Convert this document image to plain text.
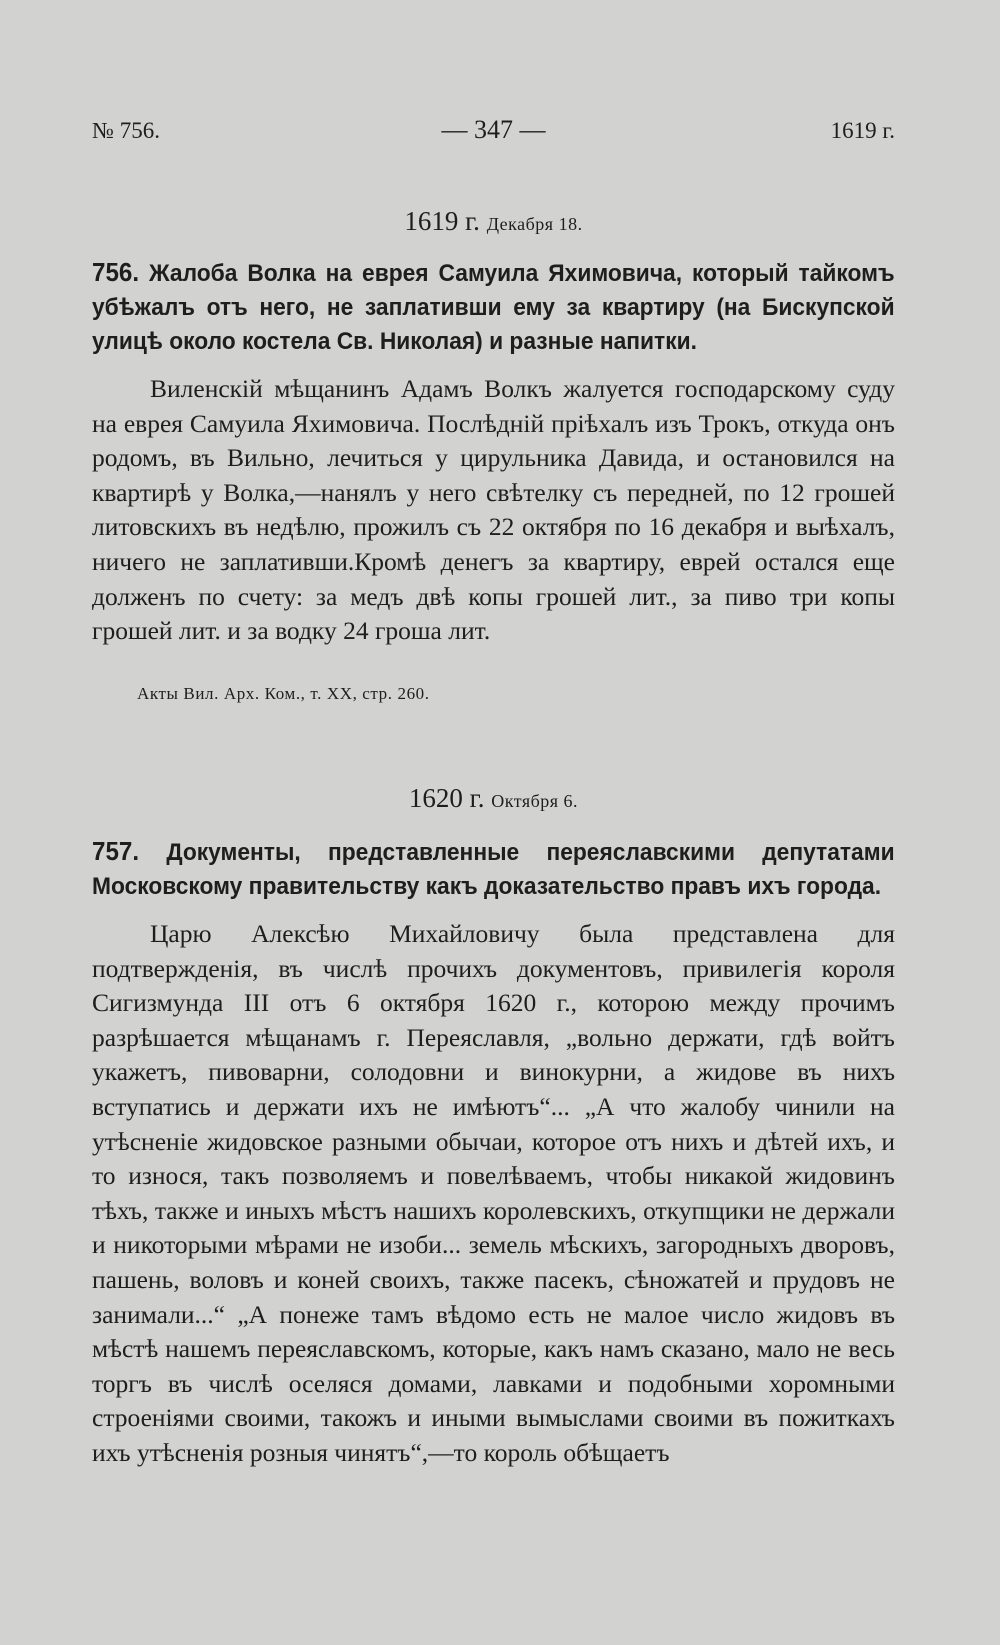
№ 756.	— 347 —	1619 г.
1619 г. Декабря 18.
756. Жалоба Волка на еврея Самуила Яхимовича, который тайкомъ убѣжалъ отъ него, не заплативши ему за квартиру (на Бискупской улицѣ около костела Св. Николая) и разные напитки.

Виленскій мѣщанинъ Адамъ Волкъ жалуется господарскому суду на еврея Самуила Яхимовича. Послѣдній пріѣхалъ изъ Трокъ, откуда онъ родомъ, въ Вильно, лечиться у цирульника Давида, и остановился на квартирѣ у Волка,—нанялъ у него свѣтелку съ передней, по 12 грошей литовскихъ въ недѣлю, прожилъ съ 22 октября по 16 декабря и выѣхалъ, ничего не заплативши.Кромѣ денегъ за квартиру, еврей остался еще долженъ по счету: за медъ двѣ копы грошей лит., за пиво три копы грошей лит. и за водку 24 гроша лит.

Акты Вил. Арх. Ком., т. XX, стр. 260.
1620 г. Октября 6.
757. Документы, представленные переяславскими депутатами Московскому правительству какъ доказательство правъ ихъ города.

Царю Алексѣю Михайловичу была представлена для подтвержденія, въ числѣ прочихъ документовъ, привилегія короля Сигизмунда III отъ 6 октября 1620 г., которою между прочимъ разрѣшается мѣщанамъ г. Переяславля, „вольно держати, гдѣ войтъ укажетъ, пивоварни, солодовни и винокурни, а жидове въ нихъ вступатись и держати ихъ не имѣютъ“... „А что жалобу чинили на утѣсненіе жидовское разными обычаи, которое отъ нихъ и дѣтей ихъ, и то износя, такъ позволяемъ и повелѣваемъ, чтобы никакой жидовинъ тѣхъ, также и иныхъ мѣстъ нашихъ королевскихъ, откупщики не держали и никоторыми мѣрами не изоби... земель мѣскихъ, загородныхъ дворовъ, пашень, воловъ и коней своихъ, также пасекъ, сѣножатей и прудовъ не занимали...“ „А понеже тамъ вѣдомо есть не малое число жидовъ въ мѣстѣ нашемъ переяславскомъ, которые, какъ намъ сказано, мало не весь торгъ въ числѣ оселяся домами, лавками и подобными хоромными строеніями своими, такожъ и иными вымыслами своими въ пожиткахъ ихъ утѣсненія розныя чинятъ“,—то король обѣщаетъ
